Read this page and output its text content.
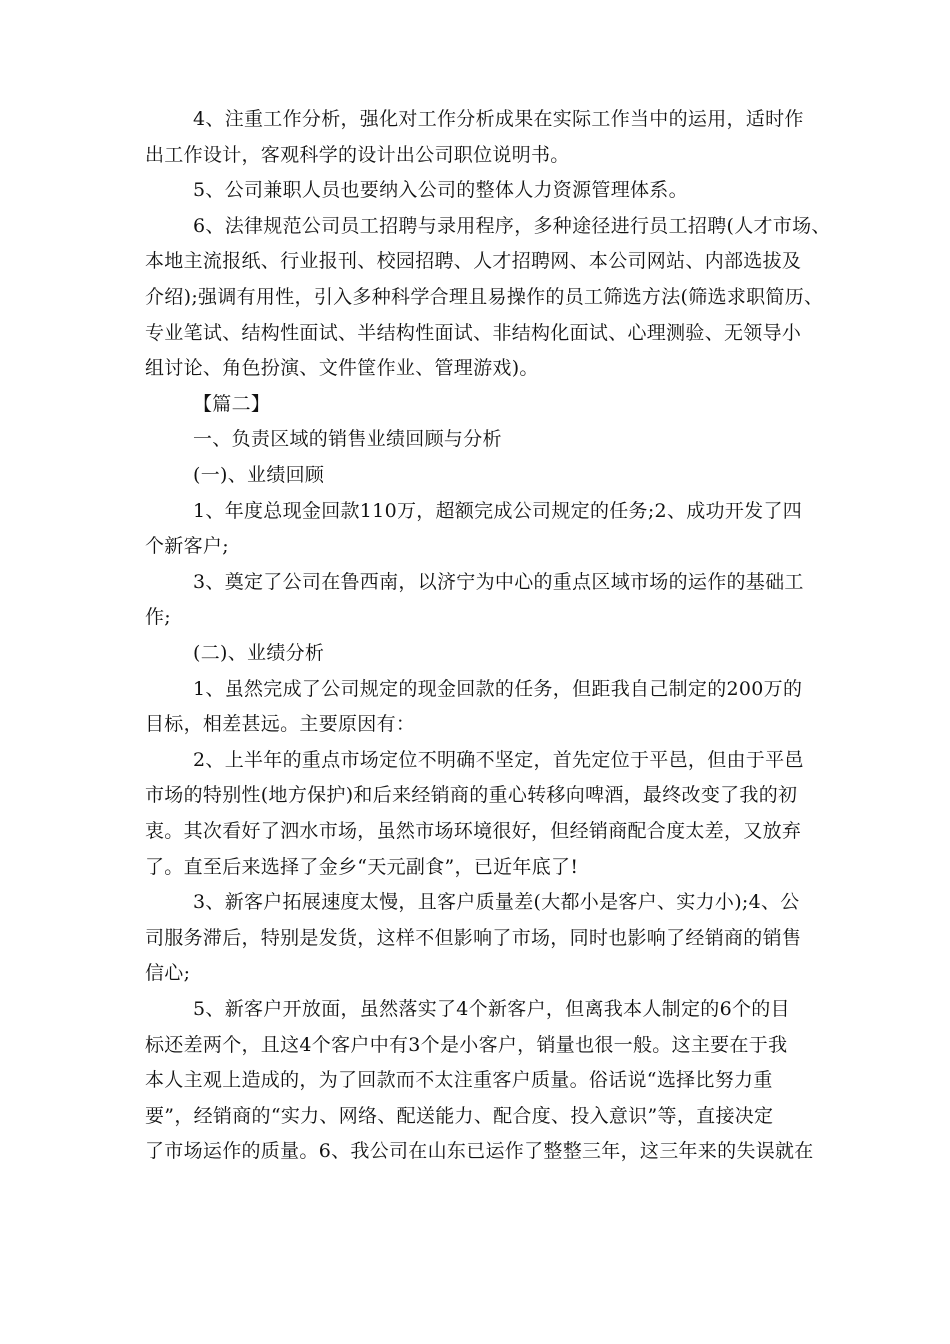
4、注重工作分析，强化对工作分析成果在实际工作当中的运用，适时作
出工作设计，客观科学的设计出公司职位说明书。
5、公司兼职人员也要纳入公司的整体人力资源管理体系。
6、法律规范公司员工招聘与录用程序，多种途径进行员工招聘(人才市场、
本地主流报纸、行业报刊、校园招聘、人才招聘网、本公司网站、内部选拔及
介绍);强调有用性，引入多种科学合理且易操作的员工筛选方法(筛选求职简历、
专业笔试、结构性面试、半结构性面试、非结构化面试、心理测验、无领导小
组讨论、角色扮演、文件筐作业、管理游戏)。
【篇二】
一、负责区域的销售业绩回顾与分析
(一)、业绩回顾
1、年度总现金回款110万，超额完成公司规定的任务;2、成功开发了四
个新客户;
3、奠定了公司在鲁西南，以济宁为中心的重点区域市场的运作的基础工
作;
(二)、业绩分析
1、虽然完成了公司规定的现金回款的任务，但距我自己制定的200万的
目标，相差甚远。主要原因有：
2、上半年的重点市场定位不明确不坚定，首先定位于平邑，但由于平邑
市场的特别性(地方保护)和后来经销商的重心转移向啤酒，最终改变了我的初
衷。其次看好了泗水市场，虽然市场环境很好，但经销商配合度太差，又放弃
了。直至后来选择了金乡“天元副食”，已近年底了!
3、新客户拓展速度太慢，且客户质量差(大都小是客户、实力小);4、公
司服务滞后，特别是发货，这样不但影响了市场，同时也影响了经销商的销售
信心;
5、新客户开放面，虽然落实了4个新客户，但离我本人制定的6个的目
标还差两个，且这4个客户中有3个是小客户，销量也很一般。这主要在于我
本人主观上造成的，为了回款而不太注重客户质量。俗话说“选择比努力重
要”，经销商的“实力、网络、配送能力、配合度、投入意识”等，直接决定
了市场运作的质量。6、我公司在山东已运作了整整三年，这三年来的失误就在
